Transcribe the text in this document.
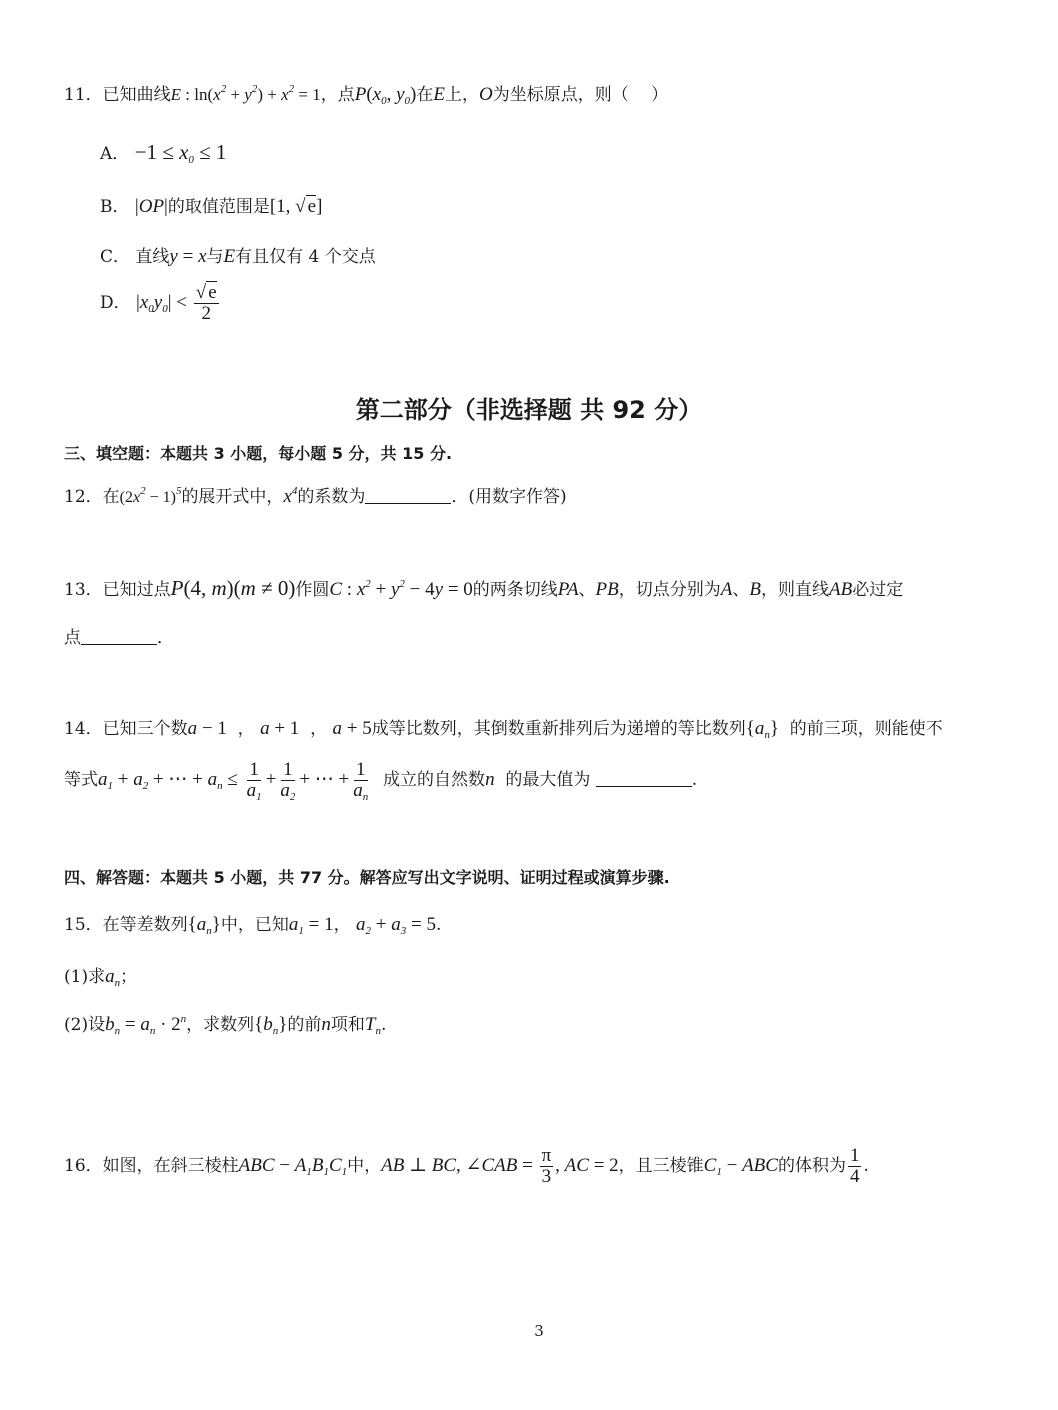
11．已知曲线E : $\ln(x^2 + y^2) + x^2 = 1$，点$P(x_0$, $y_0$)在E上，O为坐标原点，则（　 ）
A． $-1 \le x_0 \le 1$
B． |OP|的取值范围是[1, √ e]
C． 直线y = x与E有且仅有 4 个交点
D． $|x_0y_0| < \frac{√ e}{2}$
第二部分（非选择题 共 92 分）
三、填空题：本题共 3 小题，每小题 5 分，共 15 分.
12．在$(2x^2 - 1)^5$的展开式中，$x^4$的系数为	．(用数字作答)
13．已知过点P(4, m)(m ≠ 0)作圆C : $x^2 + y^2 - 4y = 0$的两条切线PA、PB，切点分别为A、B，则直线AB必过定
点	．
14．已知三个数a − 1  ， a + 1  ， a + 5成等比数列，其倒数重新排列后为递增的等比数列$\{a_n\}$ 的前三项，则能使不
等式$a_1 + a_2$ + ⋯ + $a_n \le \frac{1}{a_1} + \frac{1}{a_2}$ + ⋯ + $\frac{1}{a_n}$ 成立的自然数n 的最大值为	.
四、解答题：本题共 5 小题，共 77 分。解答应写出文字说明、证明过程或演算步骤.
15．在等差数列$\{a_n\}$中，已知$a_1 = 1$， $a_2 + a_3 = 5$.
(1)求$a_n$；
(2)设$b_n = a_n \cdot 2^n$，求数列$\{b_n\}$的前n项和$T_n$.
16．如图，在斜三棱柱ABC − $A_1B_1C_1$中，AB ⊥ BC, ∠CAB = $\frac{\pi}{3}$ , AC = 2，且三棱锥$C_1$ − ABC的体积为 $\frac{1}{4}$ .
3
